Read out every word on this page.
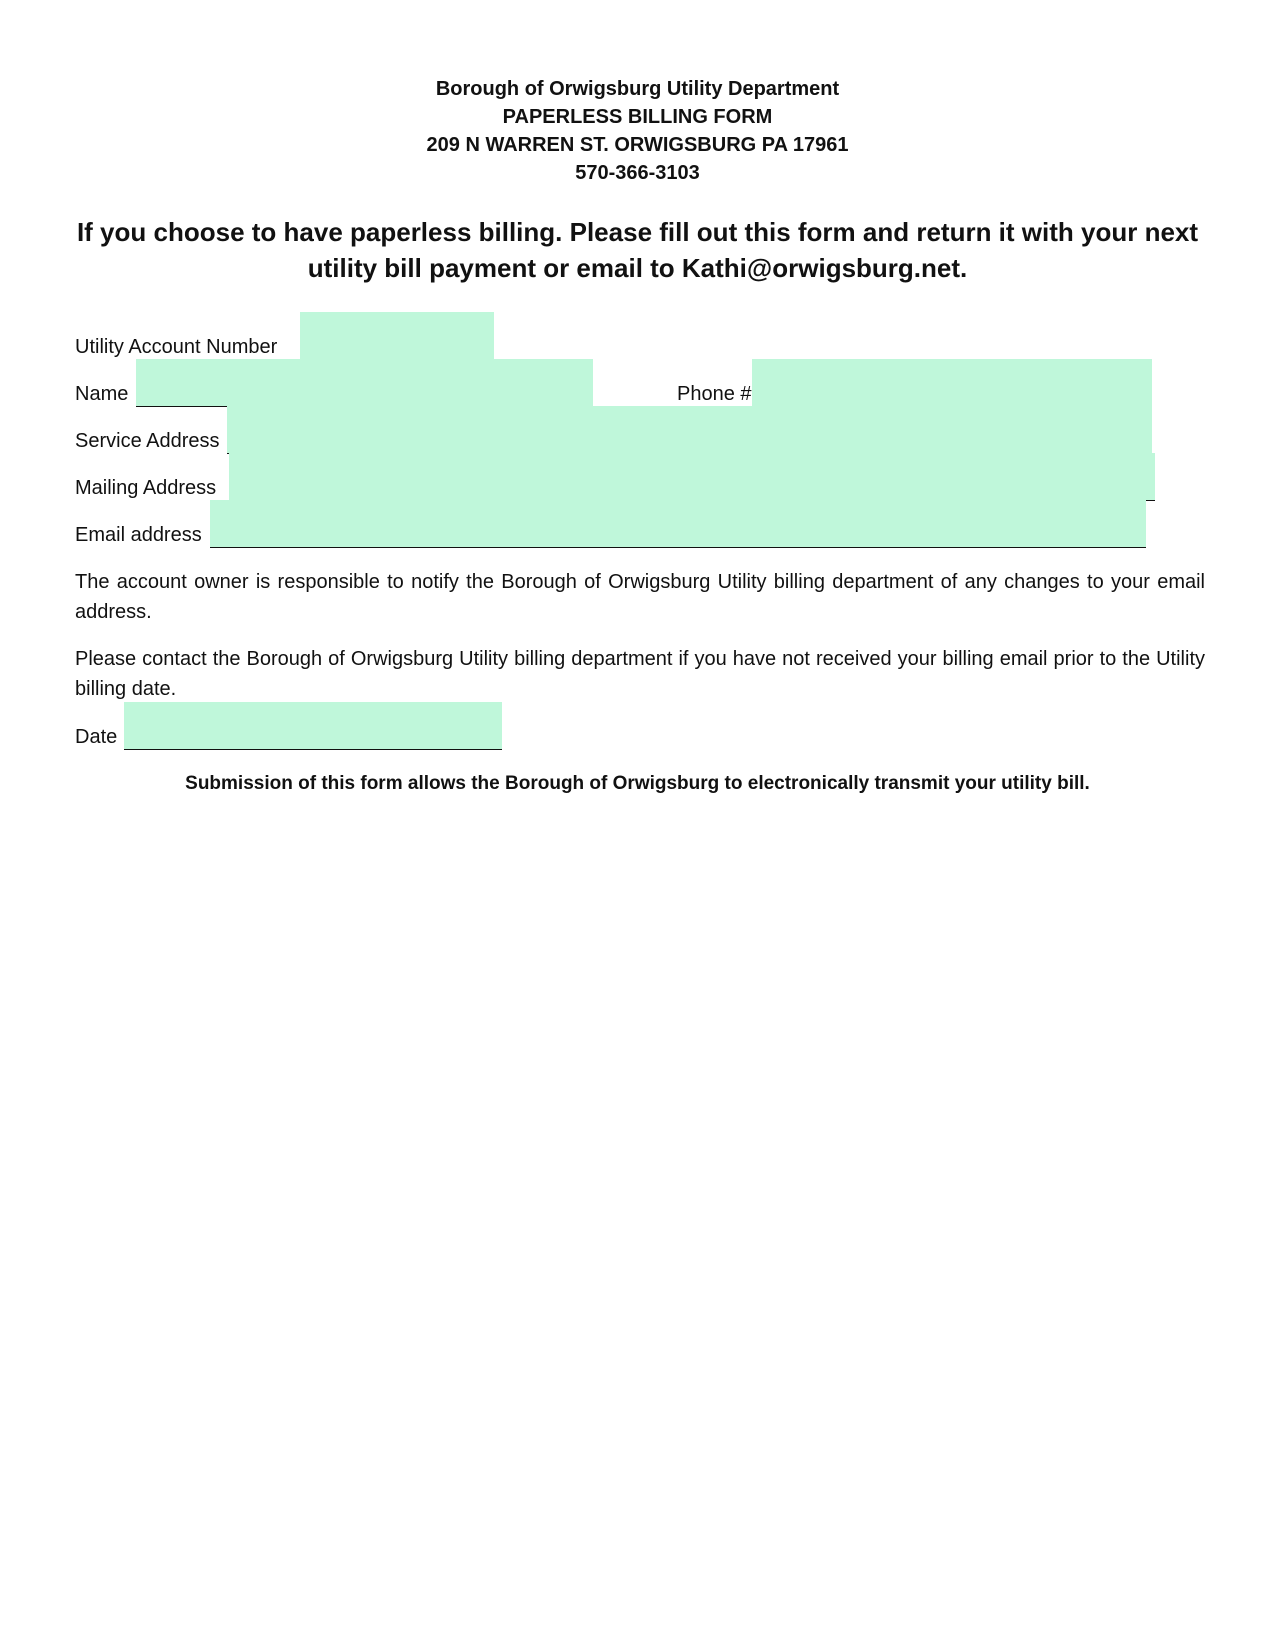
Borough of Orwigsburg Utility Department
PAPERLESS BILLING FORM
209 N WARREN ST. ORWIGSBURG PA 17961
570-366-3103
If you choose to have paperless billing. Please fill out this form and return it with your next utility bill payment or email to Kathi@orwigsburg.net.
Utility Account Number
Name	Phone #
Service Address
Mailing Address
Email address
The account owner is responsible to notify the Borough of Orwigsburg Utility billing department of any changes to your email address.
Please contact the Borough of Orwigsburg Utility billing department if you have not received your billing email prior to the Utility billing date.
Date
Submission of this form allows the Borough of Orwigsburg to electronically transmit your utility bill.
